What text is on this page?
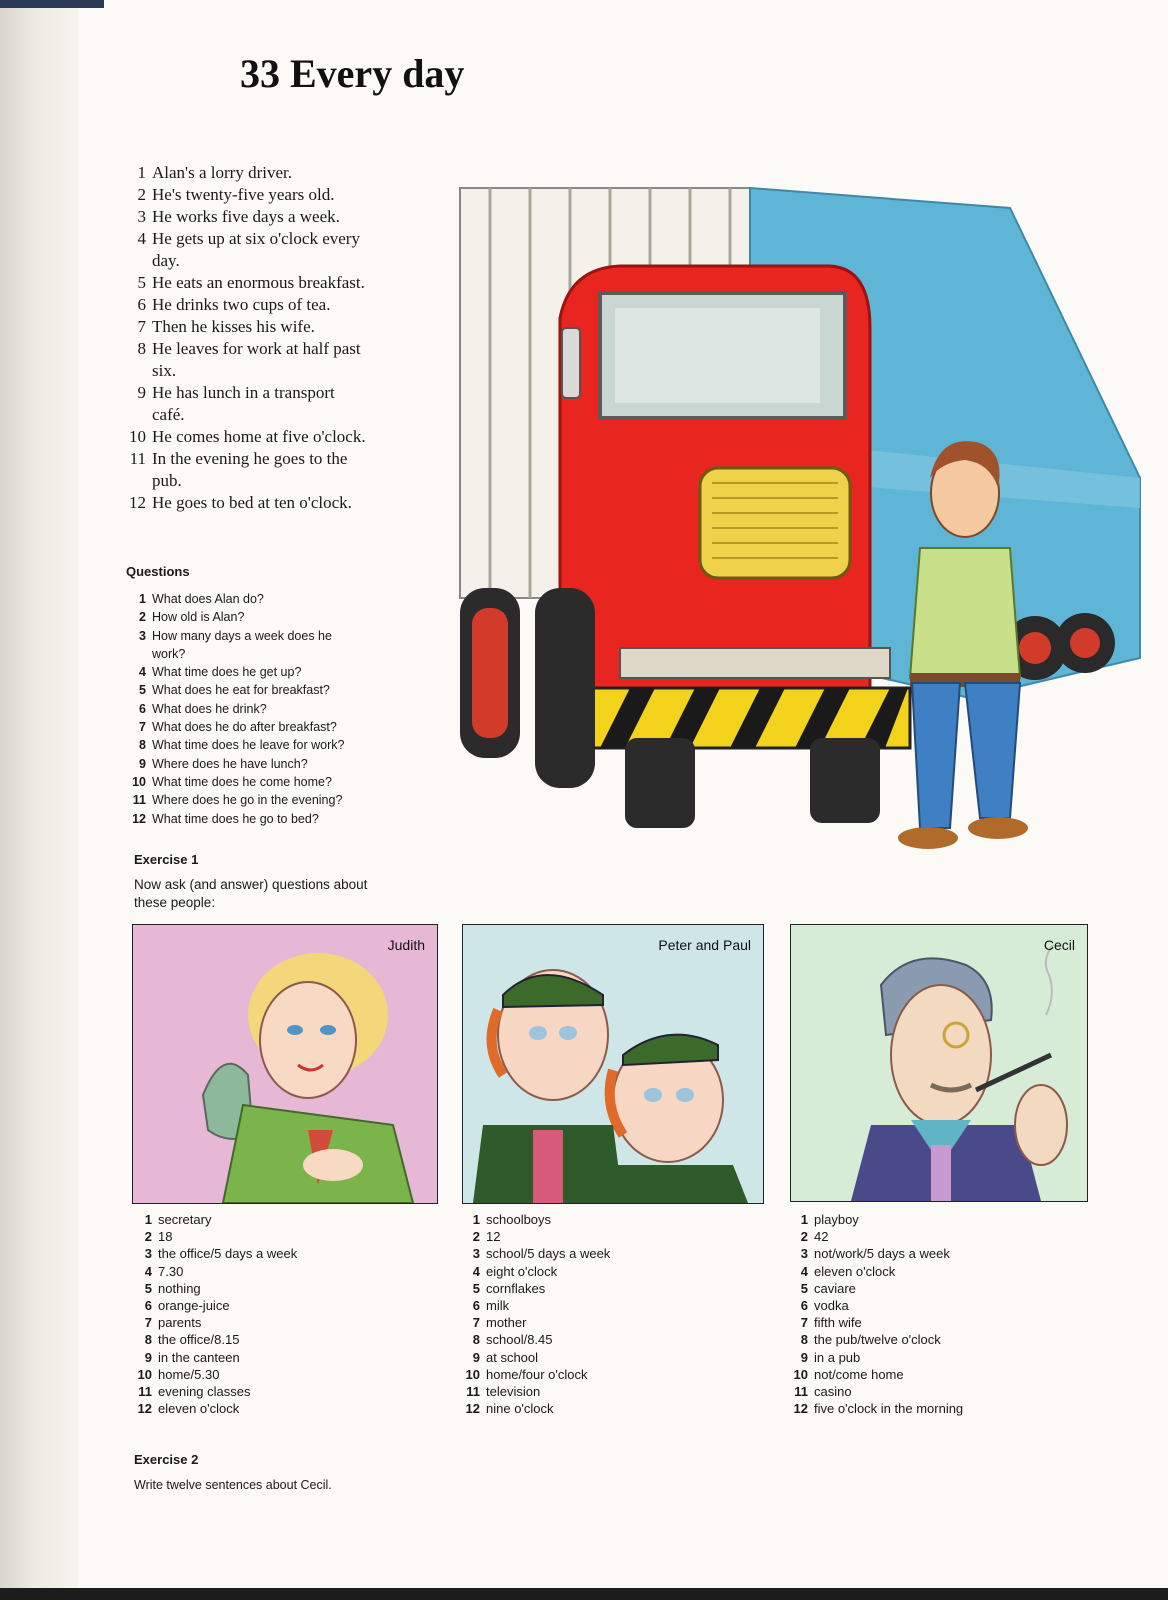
33 Every day
1 Alan's a lorry driver.
2 He's twenty-five years old.
3 He works five days a week.
4 He gets up at six o'clock every
day.
5 He eats an enormous breakfast.
6 He drinks two cups of tea.
7 Then he kisses his wife.
8 He leaves for work at half past
six.
9 He has lunch in a transport
café.
10 He comes home at five o'clock.
11 In the evening he goes to the
pub.
12 He goes to bed at ten o'clock.
Questions
1 What does Alan do?
2 How old is Alan?
3 How many days a week does he
work?
4 What time does he get up?
5 What does he eat for breakfast?
6 What does he drink?
7 What does he do after breakfast?
8 What time does he leave for work?
9 Where does he have lunch?
10 What time does he come home?
11 Where does he go in the evening?
12 What time does he go to bed?
Exercise 1
Now ask (and answer) questions about
these people:
Judith	Peter and Paul	Cecil
1 secretary
2 18
3 the office/5 days a week
4 7.30
5 nothing
6 orange-juice
7 parents
8 the office/8.15
9 in the canteen
10 home/5.30
11 evening classes
12 eleven o'clock
1 schoolboys
2 12
3 school/5 days a week
4 eight o'clock
5 cornflakes
6 milk
7 mother
8 school/8.45
9 at school
10 home/four o'clock
11 television
12 nine o'clock
1 playboy
2 42
3 not/work/5 days a week
4 eleven o'clock
5 caviare
6 vodka
7 fifth wife
8 the pub/twelve o'clock
9 in a pub
10 not/come home
11 casino
12 five o'clock in the morning
Exercise 2
Write twelve sentences about Cecil.
